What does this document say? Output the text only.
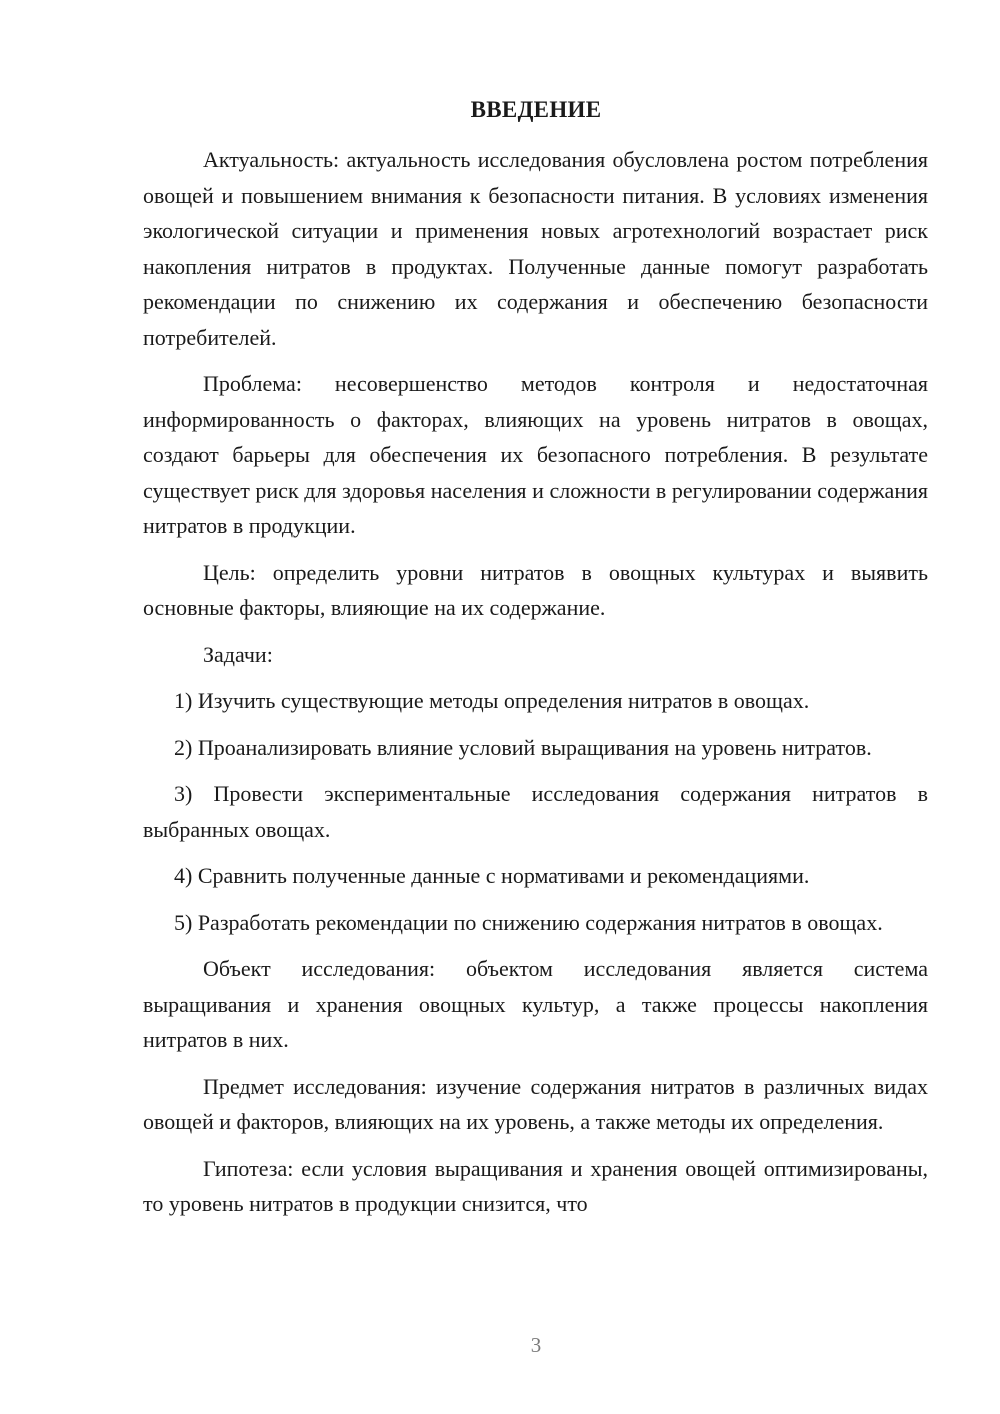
ВВЕДЕНИЕ

Актуальность: актуальность исследования обусловлена ростом потребления овощей и повышением внимания к безопасности питания. В условиях изменения экологической ситуации и применения новых агротехнологий возрастает риск накопления нитратов в продуктах. Полученные данные помогут разработать рекомендации по снижению их содержания и обеспечению безопасности потребителей.

Проблема: несовершенство методов контроля и недостаточная информированность о факторах, влияющих на уровень нитратов в овощах, создают барьеры для обеспечения их безопасного потребления. В результате существует риск для здоровья населения и сложности в регулировании содержания нитратов в продукции.

Цель: определить уровни нитратов в овощных культурах и выявить основные факторы, влияющие на их содержание.

Задачи:

1) Изучить существующие методы определения нитратов в овощах.

2) Проанализировать влияние условий выращивания на уровень нитратов.

3) Провести экспериментальные исследования содержания нитратов в выбранных овощах.

4) Сравнить полученные данные с нормативами и рекомендациями.

5) Разработать рекомендации по снижению содержания нитратов в овощах.

Объект исследования: объектом исследования является система выращивания и хранения овощных культур, а также процессы накопления нитратов в них.

Предмет исследования: изучение содержания нитратов в различных видах овощей и факторов, влияющих на их уровень, а также методы их определения.

Гипотеза: если условия выращивания и хранения овощей оптимизированы, то уровень нитратов в продукции снизится, что

3
